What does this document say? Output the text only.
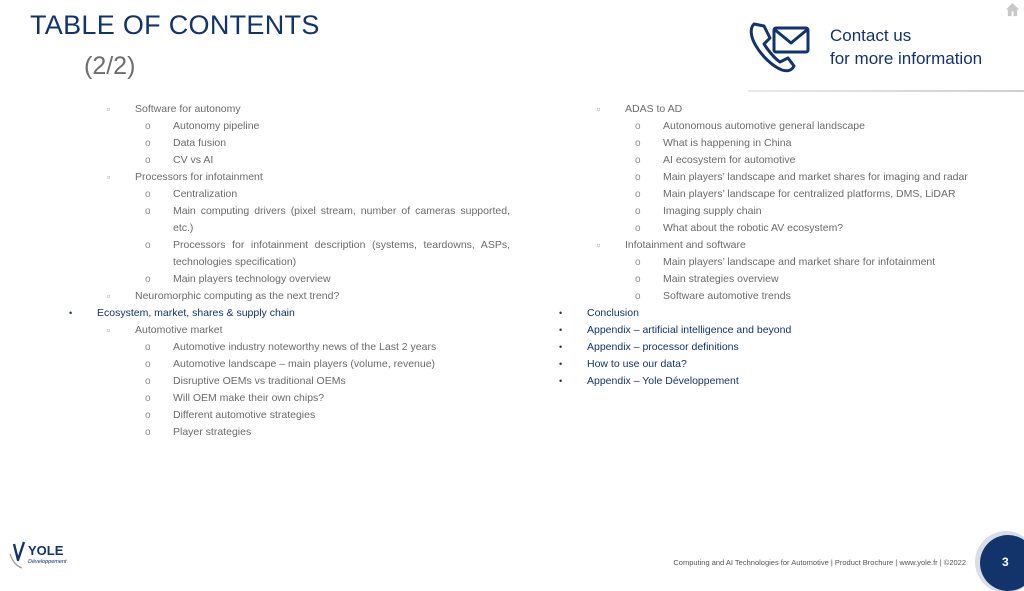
TABLE OF CONTENTS
(2/2)
Contact us
for more information
▫ Software for autonomy
o Autonomy pipeline
o Data fusion
o CV vs AI
▫ Processors for infotainment
o Centralization
o Main computing drivers (pixel stream, number of cameras supported, etc.)
o Processors for infotainment description (systems, teardowns, ASPs, technologies specification)
o Main players technology overview
▫ Neuromorphic computing as the next trend?
• Ecosystem, market, shares & supply chain
▫ Automotive market
o Automotive industry noteworthy news of the Last 2 years
o Automotive landscape – main players (volume, revenue)
o Disruptive OEMs vs traditional OEMs
o Will OEM make their own chips?
o Different automotive strategies
o Player strategies
▫ ADAS to AD
o Autonomous automotive general landscape
o What is happening in China
o AI ecosystem for automotive
o Main players’ landscape and market shares for imaging and radar
o Main players’ landscape for centralized platforms, DMS, LiDAR
o Imaging supply chain
o What about the robotic AV ecosystem?
▫ Infotainment and software
o Main players’ landscape and market share for infotainment
o Main strategies overview
o Software automotive trends
• Conclusion
• Appendix – artificial intelligence and beyond
• Appendix – processor definitions
• How to use our data?
• Appendix – Yole Développement
YOLE
Développement	Computing and AI Technologies for Automotive | Product Brochure | www.yole.fr | ©2022	3
